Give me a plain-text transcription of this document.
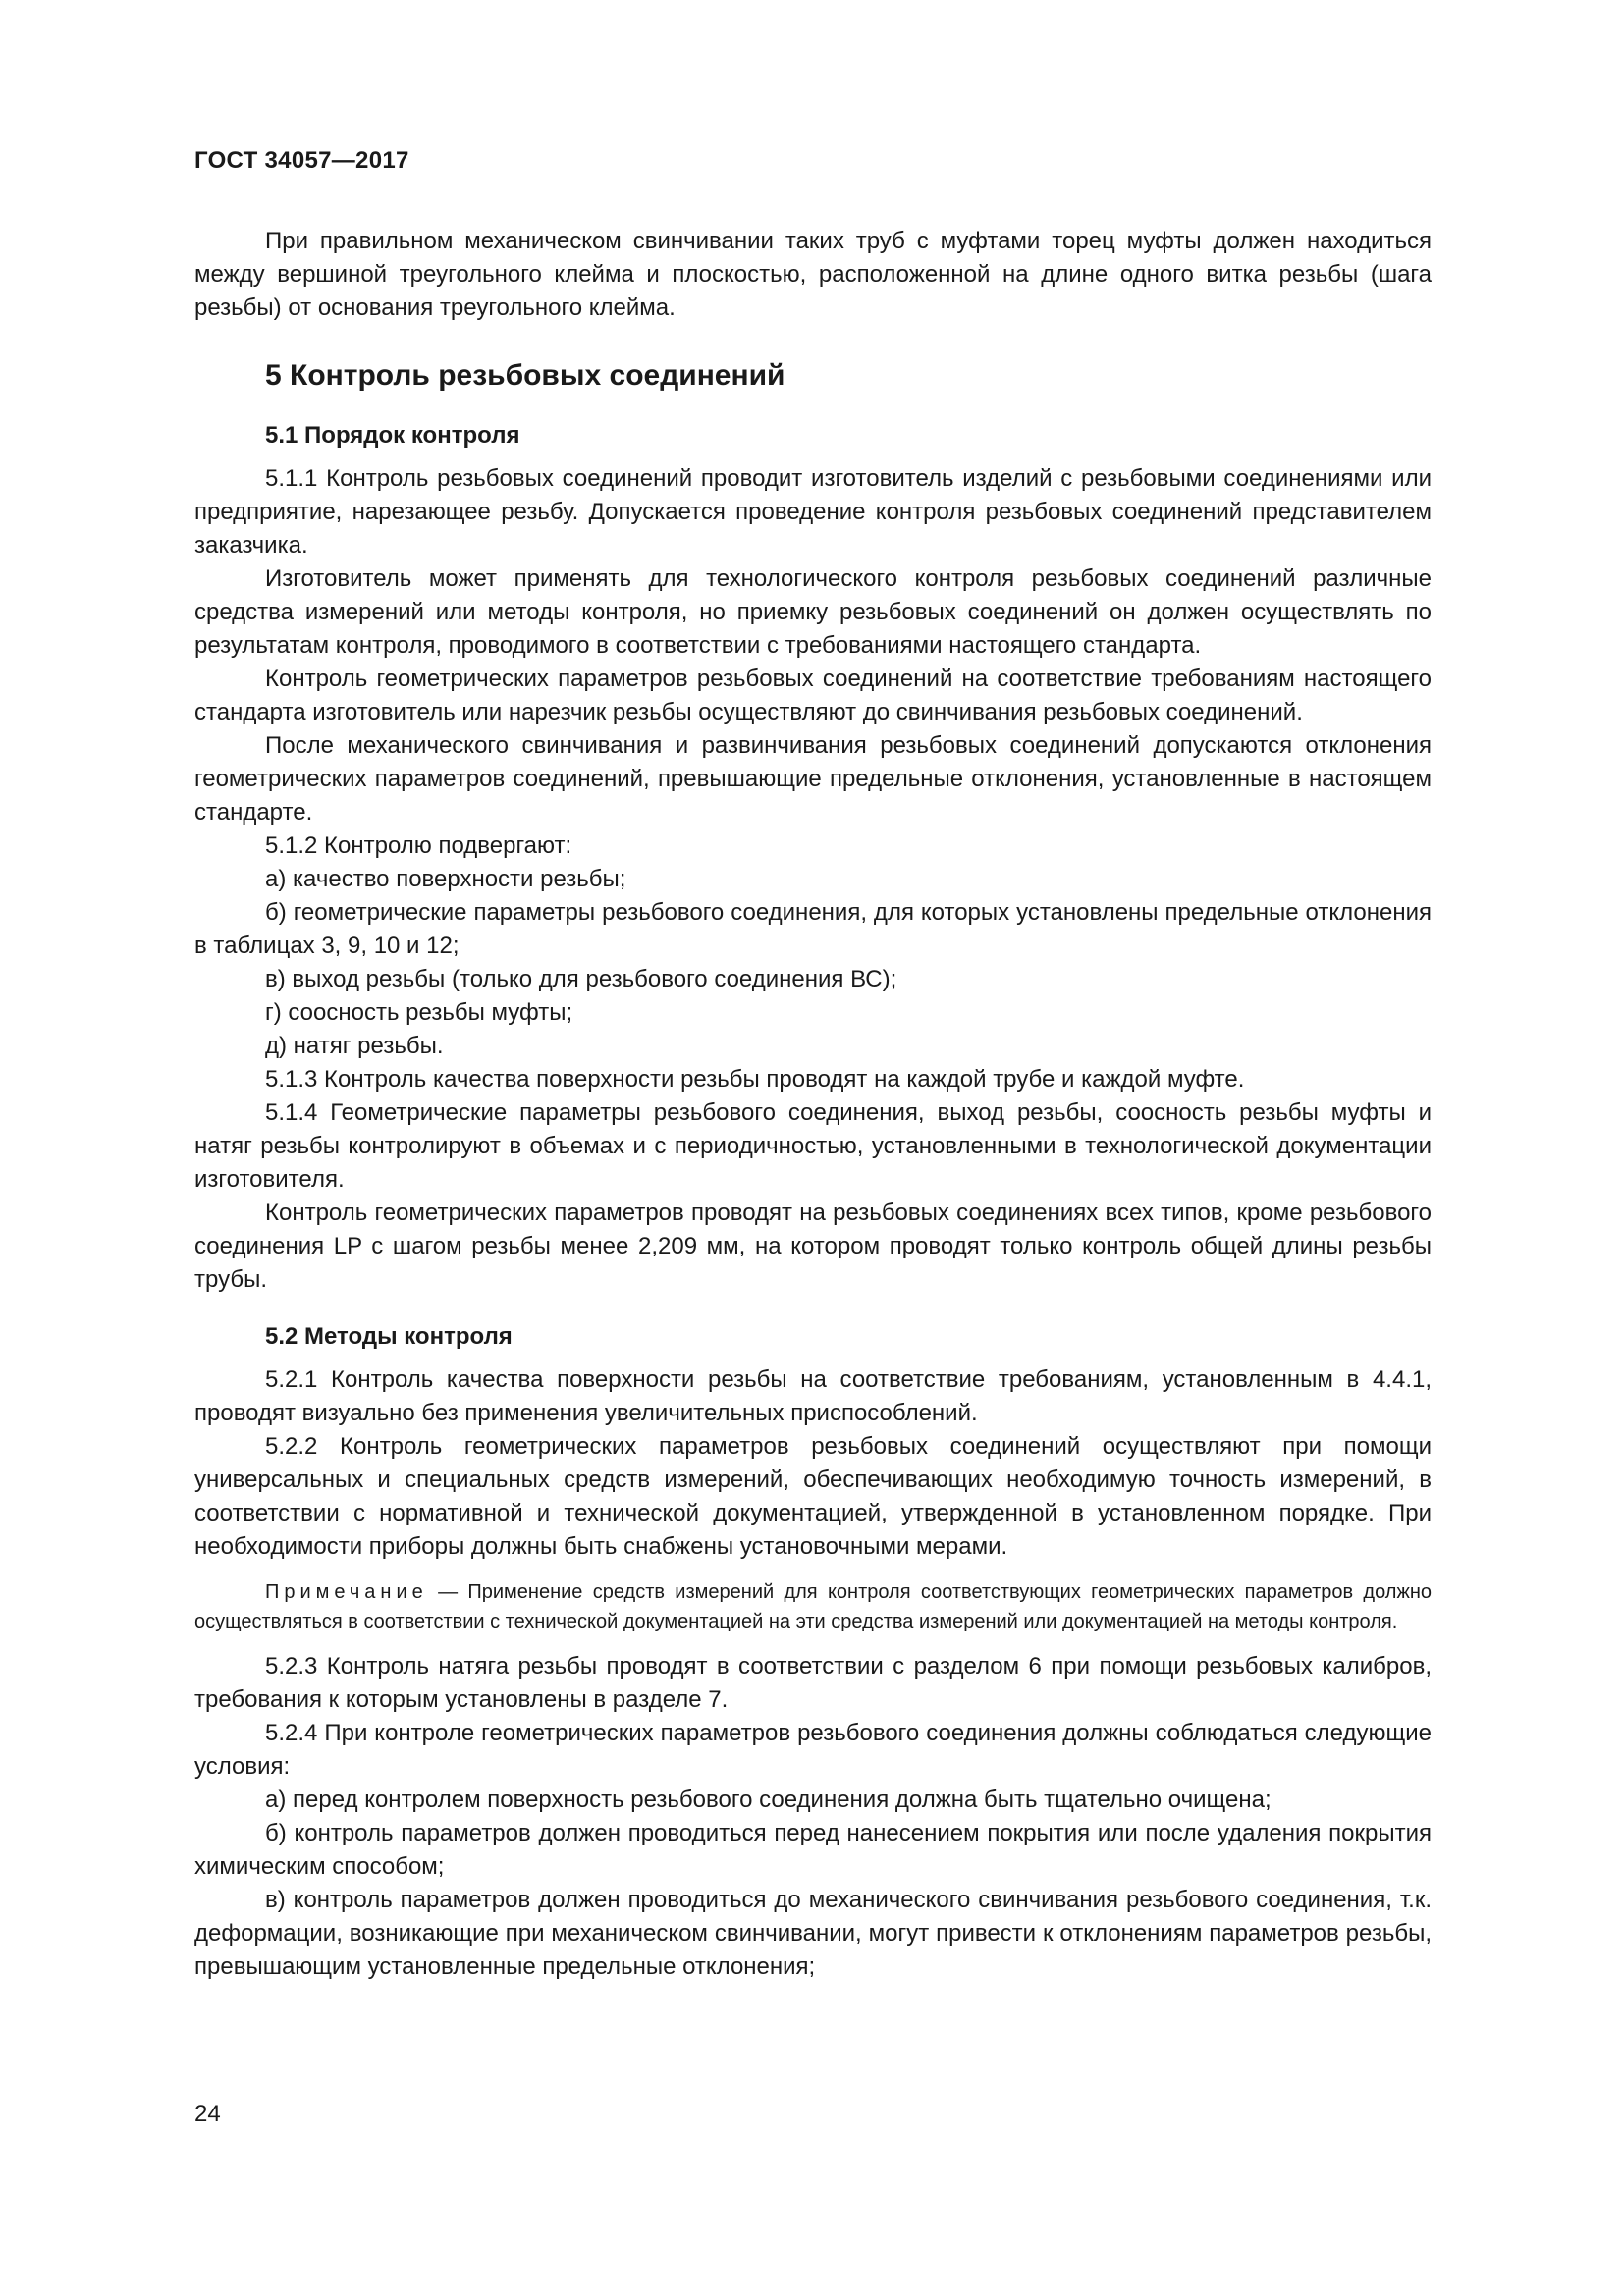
ГОСТ 34057—2017

При правильном механическом свинчивании таких труб с муфтами торец муфты должен находиться между вершиной треугольного клейма и плоскостью, расположенной на длине одного витка резьбы (шага резьбы) от основания треугольного клейма.

5 Контроль резьбовых соединений

5.1 Порядок контроля

5.1.1 Контроль резьбовых соединений проводит изготовитель изделий с резьбовыми соединениями или предприятие, нарезающее резьбу. Допускается проведение контроля резьбовых соединений представителем заказчика.

Изготовитель может применять для технологического контроля резьбовых соединений различные средства измерений или методы контроля, но приемку резьбовых соединений он должен осуществлять по результатам контроля, проводимого в соответствии с требованиями настоящего стандарта.

Контроль геометрических параметров резьбовых соединений на соответствие требованиям настоящего стандарта изготовитель или нарезчик резьбы осуществляют до свинчивания резьбовых соединений.

После механического свинчивания и развинчивания резьбовых соединений допускаются отклонения геометрических параметров соединений, превышающие предельные отклонения, установленные в настоящем стандарте.

5.1.2 Контролю подвергают:

а) качество поверхности резьбы;

б) геометрические параметры резьбового соединения, для которых установлены предельные отклонения в таблицах 3, 9, 10 и 12;

в) выход резьбы (только для резьбового соединения ВС);

г) соосность резьбы муфты;

д) натяг резьбы.

5.1.3 Контроль качества поверхности резьбы проводят на каждой трубе и каждой муфте.

5.1.4 Геометрические параметры резьбового соединения, выход резьбы, соосность резьбы муфты и натяг резьбы контролируют в объемах и с периодичностью, установленными в технологической документации изготовителя.

Контроль геометрических параметров проводят на резьбовых соединениях всех типов, кроме резьбового соединения LP с шагом резьбы менее 2,209 мм, на котором проводят только контроль общей длины резьбы трубы.

5.2 Методы контроля

5.2.1 Контроль качества поверхности резьбы на соответствие требованиям, установленным в 4.4.1, проводят визуально без применения увеличительных приспособлений.

5.2.2 Контроль геометрических параметров резьбовых соединений осуществляют при помощи универсальных и специальных средств измерений, обеспечивающих необходимую точность измерений, в соответствии с нормативной и технической документацией, утвержденной в установленном порядке. При необходимости приборы должны быть снабжены установочными мерами.

Примечание — Применение средств измерений для контроля соответствующих геометрических параметров должно осуществляться в соответствии с технической документацией на эти средства измерений или документацией на методы контроля.

5.2.3 Контроль натяга резьбы проводят в соответствии с разделом 6 при помощи резьбовых калибров, требования к которым установлены в разделе 7.

5.2.4 При контроле геометрических параметров резьбового соединения должны соблюдаться следующие условия:

а) перед контролем поверхность резьбового соединения должна быть тщательно очищена;

б) контроль параметров должен проводиться перед нанесением покрытия или после удаления покрытия химическим способом;

в) контроль параметров должен проводиться до механического свинчивания резьбового соединения, т.к. деформации, возникающие при механическом свинчивании, могут привести к отклонениям параметров резьбы, превышающим установленные предельные отклонения;

24
